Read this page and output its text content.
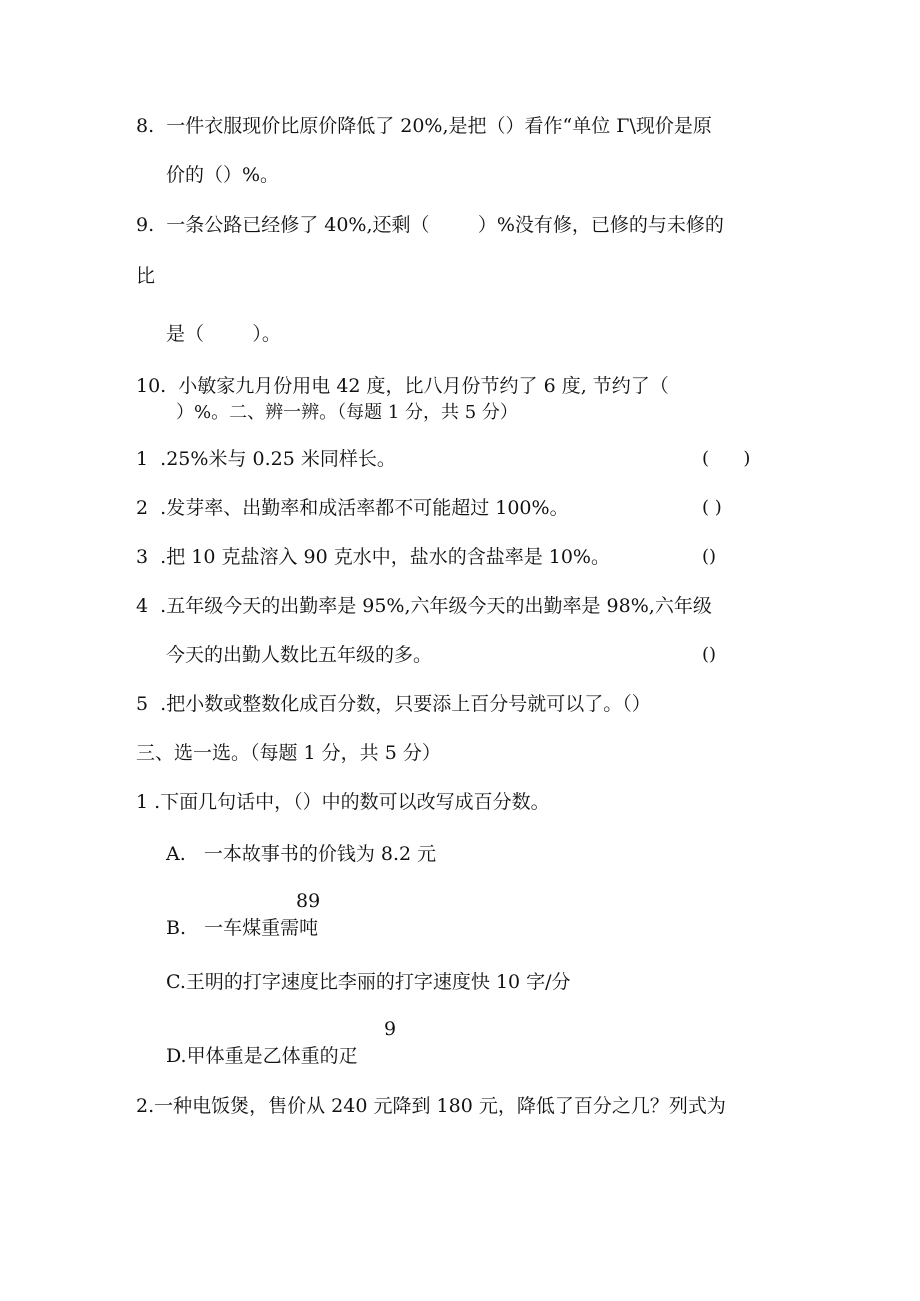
8.  一件衣服现价比原价降低了 20%,是把（）看作“单位 Γ\现价是原
价的（）%。
9.  一条公路已经修了 40%,还剩（        ）%没有修，已修的与未修的
比
是（        ）。
10.  小敏家九月份用电 42 度，比八月份节约了 6 度, 节约了（
）%。二、辨一辨。（每题 1 分，共 5 分）
1  .25%米与 0.25 米同样长。	(      )
2  .发芽率、出勤率和成活率都不可能超过 100%。	( )
3  .把 10 克盐溶入 90 克水中，盐水的含盐率是 10%。	()
4  .五年级今天的出勤率是 95%,六年级今天的出勤率是 98%,六年级
今天的出勤人数比五年级的多。	()
5  .把小数或整数化成百分数，只要添上百分号就可以了。（）
三、选一选。（每题 1 分，共 5 分）
1 .下面几句话中，（）中的数可以改写成百分数。
A.   一本故事书的价钱为 8.2 元
89
B.   一车煤重需吨
C.王明的打字速度比李丽的打字速度快 10 字/分
9
D.甲体重是乙体重的疋
2.一种电饭煲，售价从 240 元降到 180 元，降低了百分之几？列式为
